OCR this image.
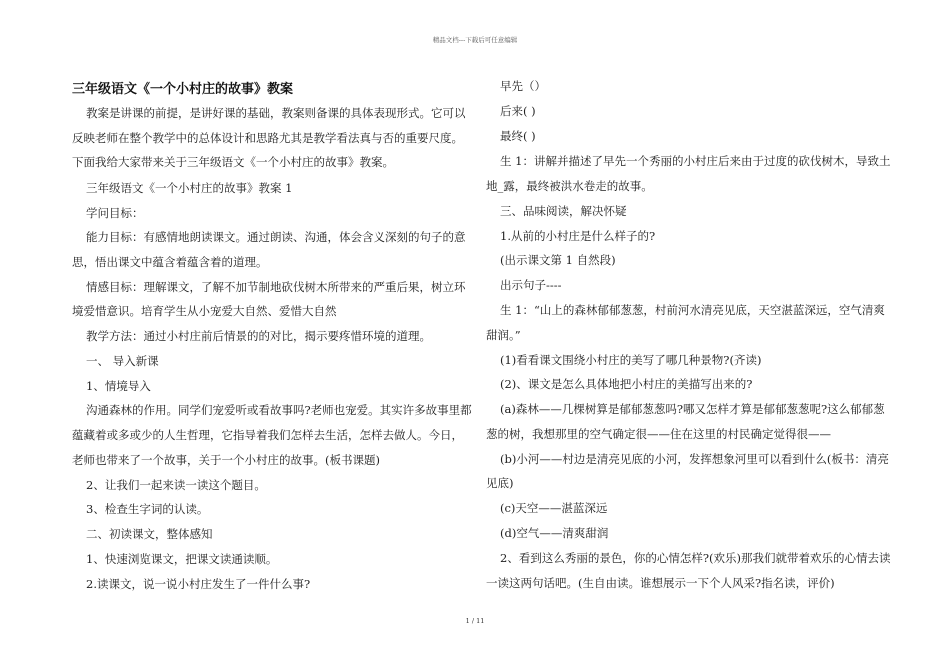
精品文档---下载后可任意编辑

三年级语文《一个小村庄的故事》教案

教案是讲课的前提，是讲好课的基础，教案则备课的具体表现形式。它可以

反映老师在整个教学中的总体设计和思路尤其是教学看法真与否的重要尺度。

下面我给大家带来关于三年级语文《一个小村庄的故事》教案。

三年级语文《一个小村庄的故事》教案 1

学问目标：

能力目标：有感情地朗读课文。通过朗读、沟通，体会含义深刻的句子的意

思，悟出课文中蕴含着蕴含着的道理。

情感目标：理解课文，了解不加节制地砍伐树木所带来的严重后果，树立环

境爱惜意识。培育学生从小宠爱大自然、爱惜大自然

教学方法：通过小村庄前后情景的的对比，揭示要疼惜环境的道理。

一、 导入新课

1、情境导入

沟通森林的作用。同学们宠爱听或看故事吗?老师也宠爱。其实许多故事里都

蕴藏着或多或少的人生哲理，它指导着我们怎样去生活，怎样去做人。今日，

老师也带来了一个故事，关于一个小村庄的故事。(板书课题)

2、让我们一起来读一读这个题目。

3、检查生字词的认读。

二、初读课文，整体感知

1、快速浏览课文，把课文读通读顺。

2.读课文，说一说小村庄发生了一件什么事?

早先（）

后来( )

最终( )

生 1：讲解并描述了早先一个秀丽的小村庄后来由于过度的砍伐树木，导致土

地_露，最终被洪水卷走的故事。

三、品味阅读，解决怀疑

1.从前的小村庄是什么样子的?

(出示课文第 1 自然段)

出示句子----

生 1：“山上的森林郁郁葱葱，村前河水清亮见底，天空湛蓝深远，空气清爽

甜润。”

(1)看看课文围绕小村庄的美写了哪几种景物?(齐读)

(2)、课文是怎么具体地把小村庄的美描写出来的?

(a)森林——几棵树算是郁郁葱葱吗?哪又怎样才算是郁郁葱葱呢?这么郁郁葱

葱的树，我想那里的空气确定很——住在这里的村民确定觉得很——

(b)小河——村边是清亮见底的小河，发挥想象河里可以看到什么(板书：清亮

见底)

(c)天空——湛蓝深远

(d)空气——清爽甜润

2、看到这么秀丽的景色，你的心情怎样?(欢乐)那我们就带着欢乐的心情去读

一读这两句话吧。(生自由读。谁想展示一下个人风采?指名读，评价)

1 / 11
